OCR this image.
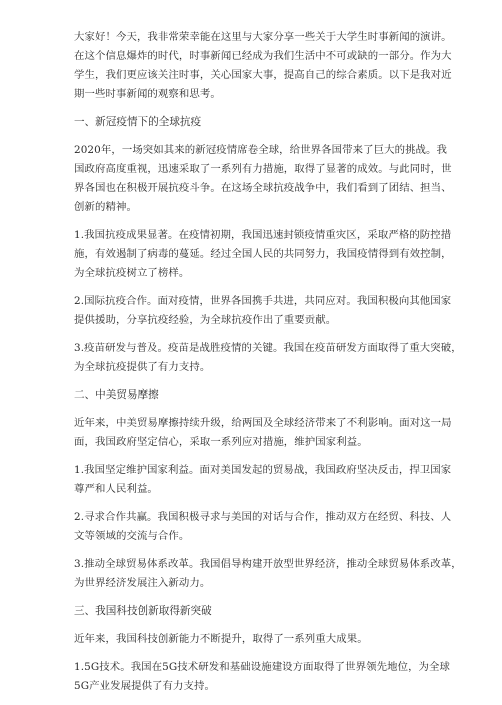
大家好！今天，我非常荣幸能在这里与大家分享一些关于大学生时事新闻的演讲。
在这个信息爆炸的时代，时事新闻已经成为我们生活中不可或缺的一部分。作为大
学生，我们更应该关注时事，关心国家大事，提高自己的综合素质。以下是我对近
期一些时事新闻的观察和思考。
一、新冠疫情下的全球抗疫
2020年，一场突如其来的新冠疫情席卷全球，给世界各国带来了巨大的挑战。我
国政府高度重视，迅速采取了一系列有力措施，取得了显著的成效。与此同时，世
界各国也在积极开展抗疫斗争。在这场全球抗疫战争中，我们看到了团结、担当、
创新的精神。
1.我国抗疫成果显著。在疫情初期，我国迅速封锁疫情重灾区，采取严格的防控措
施，有效遏制了病毒的蔓延。经过全国人民的共同努力，我国疫情得到有效控制，
为全球抗疫树立了榜样。
2.国际抗疫合作。面对疫情，世界各国携手共进，共同应对。我国积极向其他国家
提供援助，分享抗疫经验，为全球抗疫作出了重要贡献。
3.疫苗研发与普及。疫苗是战胜疫情的关键。我国在疫苗研发方面取得了重大突破，
为全球抗疫提供了有力支持。
二、中美贸易摩擦
近年来，中美贸易摩擦持续升级，给两国及全球经济带来了不利影响。面对这一局
面，我国政府坚定信心，采取一系列应对措施，维护国家利益。
1.我国坚定维护国家利益。面对美国发起的贸易战，我国政府坚决反击，捍卫国家
尊严和人民利益。
2.寻求合作共赢。我国积极寻求与美国的对话与合作，推动双方在经贸、科技、人
文等领域的交流与合作。
3.推动全球贸易体系改革。我国倡导构建开放型世界经济，推动全球贸易体系改革，
为世界经济发展注入新动力。
三、我国科技创新取得新突破
近年来，我国科技创新能力不断提升，取得了一系列重大成果。
1.5G技术。我国在5G技术研发和基础设施建设方面取得了世界领先地位，为全球
5G产业发展提供了有力支持。
